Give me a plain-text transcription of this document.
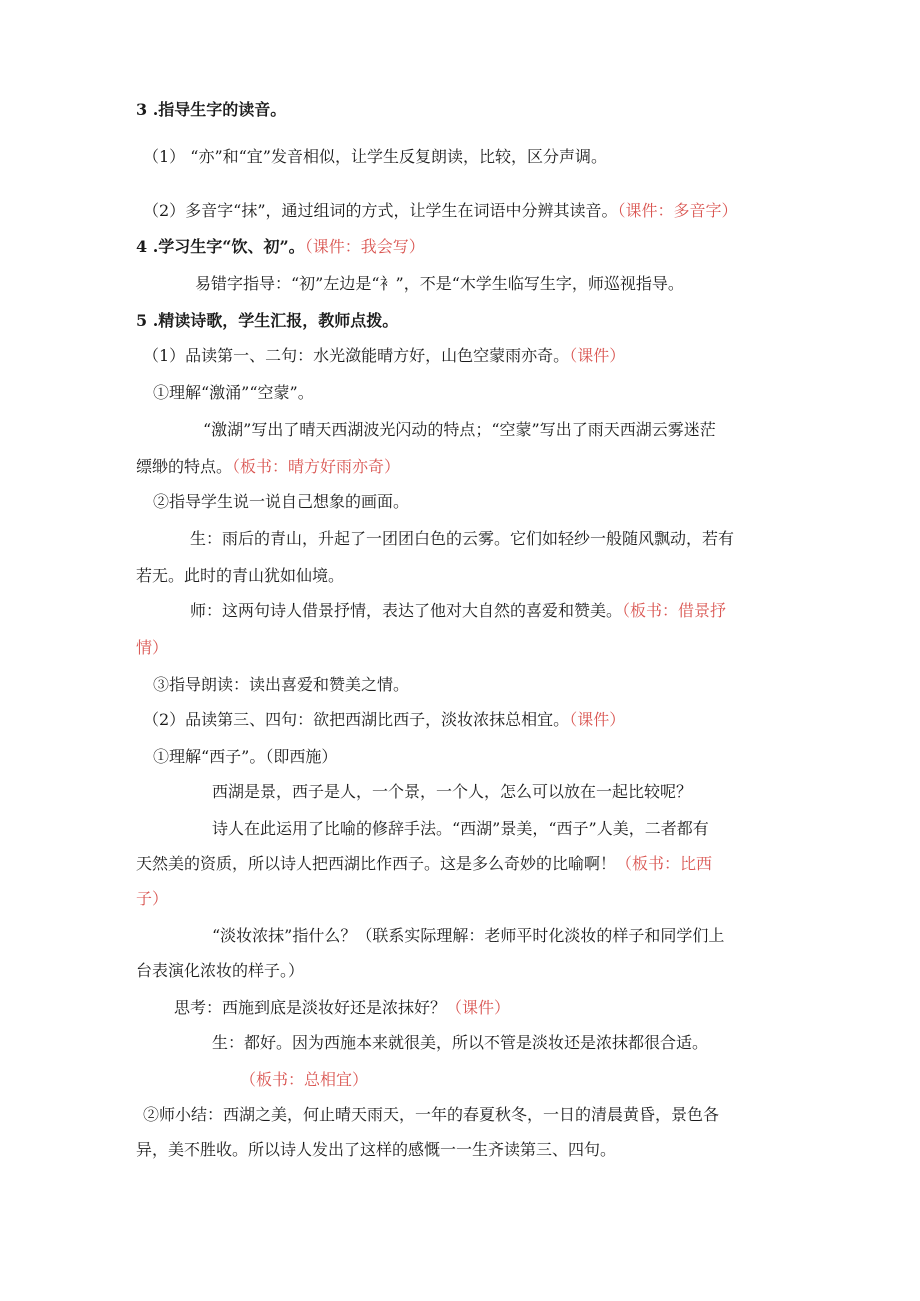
3 .指导生字的读音。
（1） “亦”和“宜”发音相似，让学生反复朗读，比较，区分声调。
（2）多音字“抹”，通过组词的方式，让学生在词语中分辨其读音。（课件：多音字）
4 .学习生字“饮、初”。（课件：我会写）
易错字指导：“初”左边是“衤”，不是“木学生临写生字，师巡视指导。
5 .精读诗歌，学生汇报，教师点拨。
（1）品读第一、二句：水光潋能晴方好，山色空蒙雨亦奇。（课件）
①理解“激涌”“空蒙”。
“激湖”写出了晴天西湖波光闪动的特点；“空蒙”写出了雨天西湖云雾迷茫
缥缈的特点。（板书：晴方好雨亦奇）
②指导学生说一说自己想象的画面。
生：雨后的青山，升起了一团团白色的云雾。它们如轻纱一般随风飘动，若有
若无。此时的青山犹如仙境。
师：这两句诗人借景抒情，表达了他对大自然的喜爱和赞美。（板书：借景抒
情）
③指导朗读：读出喜爱和赞美之情。
（2）品读第三、四句：欲把西湖比西子，淡妆浓抹总相宜。（课件）
①理解“西子”。（即西施）
西湖是景，西子是人，一个景，一个人，怎么可以放在一起比较呢？
诗人在此运用了比喻的修辞手法。“西湖”景美，“西子”人美，二者都有
天然美的资质，所以诗人把西湖比作西子。这是多么奇妙的比喻啊！（板书：比西
子）
“淡妆浓抹”指什么？（联系实际理解：老师平时化淡妆的样子和同学们上
台表演化浓妆的样子。）
思考：西施到底是淡妆好还是浓抹好？（课件）
生：都好。因为西施本来就很美，所以不管是淡妆还是浓抹都很合适。
（板书：总相宜）
②师小结：西湖之美，何止晴天雨天，一年的春夏秋冬，一日的清晨黄昏，景色各
异，美不胜收。所以诗人发出了这样的感慨一一生齐读第三、四句。
